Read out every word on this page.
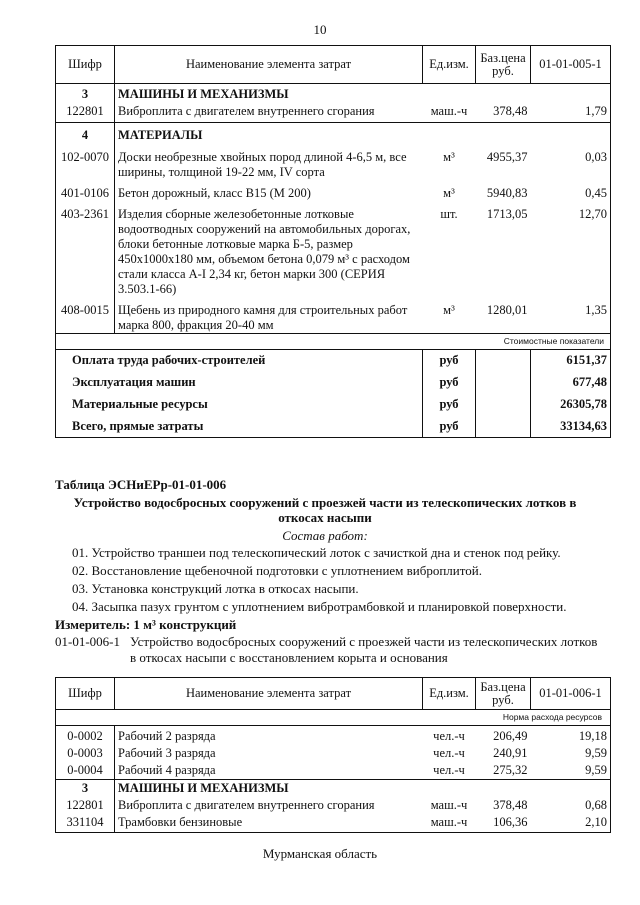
10
Шифр	Наименование элемента затрат	Ед.изм.	Баз.цена руб.	01-01-005-1
3	МАШИНЫ И МЕХАНИЗМЫ			
122801	Виброплита с двигателем внутреннего сгорания	маш.-ч	378,48	1,79
4	МАТЕРИАЛЫ			
102-0070	Доски необрезные хвойных пород длиной 4-6,5 м, все ширины, толщиной 19-22 мм, IV сорта	м³	4955,37	0,03
401-0106	Бетон дорожный, класс В15 (М 200)	м³	5940,83	0,45
403-2361	Изделия сборные железобетонные лотковые водоотводных сооружений на автомобильных дорогах, блоки бетонные лотковые марка Б-5, размер 450х1000х180 мм, объемом бетона 0,079 м³ с расходом стали класса А-I 2,34 кг, бетон марки 300 (СЕРИЯ 3.503.1-66)	шт.	1713,05	12,70
408-0015	Щебень из природного камня для строительных работ марка 800, фракция 20-40 мм	м³	1280,01	1,35
Стоимостные показатели				
Оплата труда рабочих-строителей		руб		6151,37
Эксплуатация машин		руб		677,48
Материальные ресурсы		руб		26305,78
Всего, прямые затраты		руб		33134,63
Таблица ЭСНиЕРр-01-01-006
Устройство водосбросных сооружений с проезжей части из телескопических лотков в
откосах насыпи
Состав работ:
01. Устройство траншеи под телескопический лоток с зачисткой дна и стенок под рейку.
02. Восстановление щебеночной подготовки с уплотнением виброплитой.
03. Установка конструкций лотка в откосах насыпи.
04. Засыпка пазух грунтом с уплотнением вибротрамбовкой и планировкой поверхности.
Измеритель: 1 м³ конструкций
01-01-006-1 Устройство водосбросных сооружений с проезжей части из телескопических лотков
в откосах насыпи с восстановлением корыта и основания
Шифр	Наименование элемента затрат	Ед.изм.	Баз.цена руб.	01-01-006-1
Норма расхода ресурсов				
0-0002	Рабочий 2 разряда	чел.-ч	206,49	19,18
0-0003	Рабочий 3 разряда	чел.-ч	240,91	9,59
0-0004	Рабочий 4 разряда	чел.-ч	275,32	9,59
3	МАШИНЫ И МЕХАНИЗМЫ			
122801	Виброплита с двигателем внутреннего сгорания	маш.-ч	378,48	0,68
331104	Трамбовки бензиновые	маш.-ч	106,36	2,10
Мурманская область
